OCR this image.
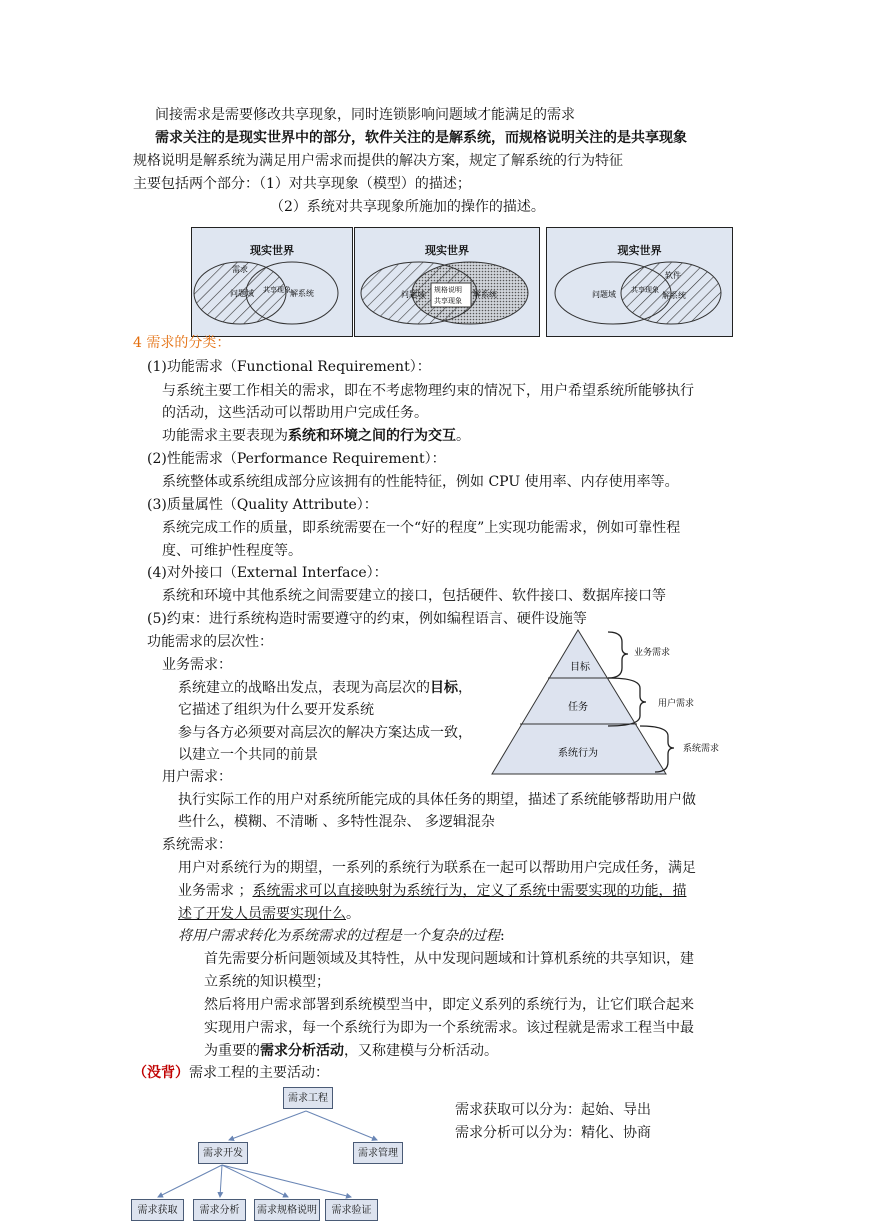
间接需求是需要修改共享现象，同时连锁影响问题域才能满足的需求
需求关注的是现实世界中的部分，软件关注的是解系统，而规格说明关注的是共享现象
规格说明是解系统为满足用户需求而提供的解决方案，规定了解系统的行为特征
主要包括两个部分：（1）对共享现象（模型）的描述；
（2）系统对共享现象所施加的操作的描述。
现实世界
需求
问题域 共享现象 解系统
现实世界
规格说明
共享现象
问题域	解系统
现实世界
问题域
软件
共享现象
解系统
4 需求的分类：
(1)功能需求（Functional Requirement）：
与系统主要工作相关的需求，即在不考虑物理约束的情况下，用户希望系统所能够执行
的活动，这些活动可以帮助用户完成任务。
功能需求主要表现为系统和环境之间的行为交互。
(2)性能需求（Performance Requirement）：
系统整体或系统组成部分应该拥有的性能特征，例如 CPU 使用率、内存使用率等。
(3)质量属性（Quality Attribute）：
系统完成工作的质量，即系统需要在一个“好的程度”上实现功能需求，例如可靠性程
度、可维护性程度等。
(4)对外接口（External Interface）：
系统和环境中其他系统之间需要建立的接口，包括硬件、软件接口、数据库接口等
(5)约束：进行系统构造时需要遵守的约束，例如编程语言、硬件设施等
功能需求的层次性：
业务需求：
系统建立的战略出发点，表现为高层次的目标，
它描述了组织为什么要开发系统
参与各方必须要对高层次的解决方案达成一致，
以建立一个共同的前景
目标
任务
系统行为
业务需求
用户需求
系统需求
用户需求：
执行实际工作的用户对系统所能完成的具体任务的期望，描述了系统能够帮助用户做
些什么，模糊、不清晰 、多特性混杂、 多逻辑混杂
系统需求：
用户对系统行为的期望，一系列的系统行为联系在一起可以帮助用户完成任务，满足
业务需求 ；系统需求可以直接映射为系统行为，定义了系统中需要实现的功能，描
述了开发人员需要实现什么。
将用户需求转化为系统需求的过程是一个复杂的过程:
首先需要分析问题领域及其特性，从中发现问题域和计算机系统的共享知识，建
立系统的知识模型；
然后将用户需求部署到系统模型当中，即定义系列的系统行为，让它们联合起来
实现用户需求，每一个系统行为即为一个系统需求。该过程就是需求工程当中最
为重要的需求分析活动，又称建模与分析活动。
（没背）需求工程的主要活动：
需求工程
需求开发	需求管理
需求获取	需求分析	需求规格说明	需求验证
需求获取可以分为：起始、导出
需求分析可以分为：精化、协商
